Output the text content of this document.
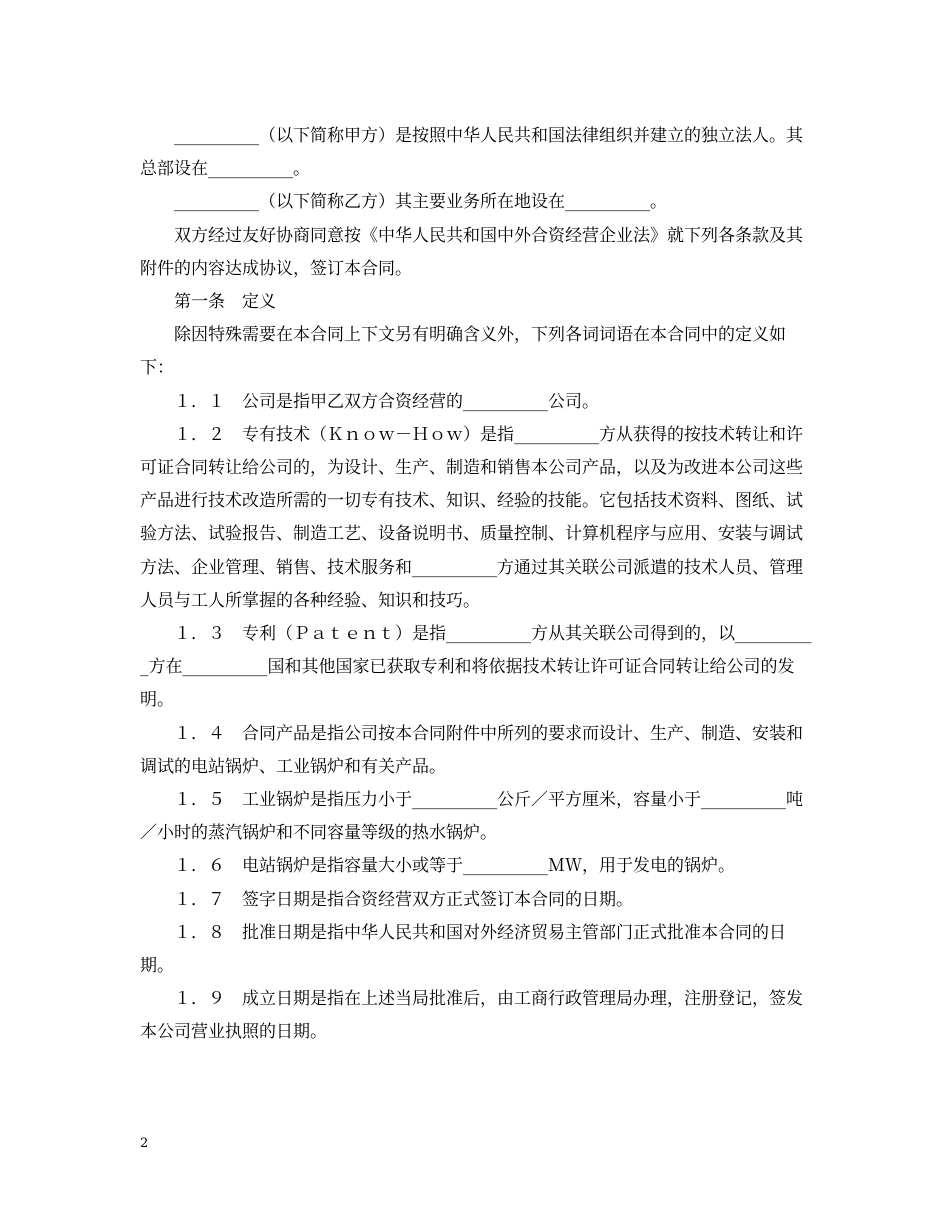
__________（以下简称甲方）是按照中华人民共和国法律组织并建立的独立法人。其总部设在__________。

__________（以下简称乙方）其主要业务所在地设在__________。

双方经过友好协商同意按《中华人民共和国中外合资经营企业法》就下列各条款及其附件的内容达成协议，签订本合同。

第一条　定义

除因特殊需要在本合同上下文另有明确含义外，下列各词词语在本合同中的定义如下：

１．１　公司是指甲乙双方合资经营的__________公司。

１．２　专有技术（Ｋｎｏｗ－Ｈｏｗ）是指__________方从获得的按技术转让和许可证合同转让给公司的，为设计、生产、制造和销售本公司产品，以及为改进本公司这些产品进行技术改造所需的一切专有技术、知识、经验的技能。它包括技术资料、图纸、试验方法、试验报告、制造工艺、设备说明书、质量控制、计算机程序与应用、安装与调试方法、企业管理、销售、技术服务和__________方通过其关联公司派遣的技术人员、管理人员与工人所掌握的各种经验、知识和技巧。

１．３　专利（Ｐａｔｅｎｔ）是指__________方从其关联公司得到的，以__________方在__________国和其他国家已获取专利和将依据技术转让许可证合同转让给公司的发明。

１．４　合同产品是指公司按本合同附件中所列的要求而设计、生产、制造、安装和调试的电站锅炉、工业锅炉和有关产品。

１．５　工业锅炉是指压力小于__________公斤／平方厘米，容量小于__________吨／小时的蒸汽锅炉和不同容量等级的热水锅炉。

１．６　电站锅炉是指容量大小或等于__________ＭＷ，用于发电的锅炉。

１．７　签字日期是指合资经营双方正式签订本合同的日期。

１．８　批准日期是指中华人民共和国对外经济贸易主管部门正式批准本合同的日期。

１．９　成立日期是指在上述当局批准后，由工商行政管理局办理，注册登记，签发本公司营业执照的日期。

2
